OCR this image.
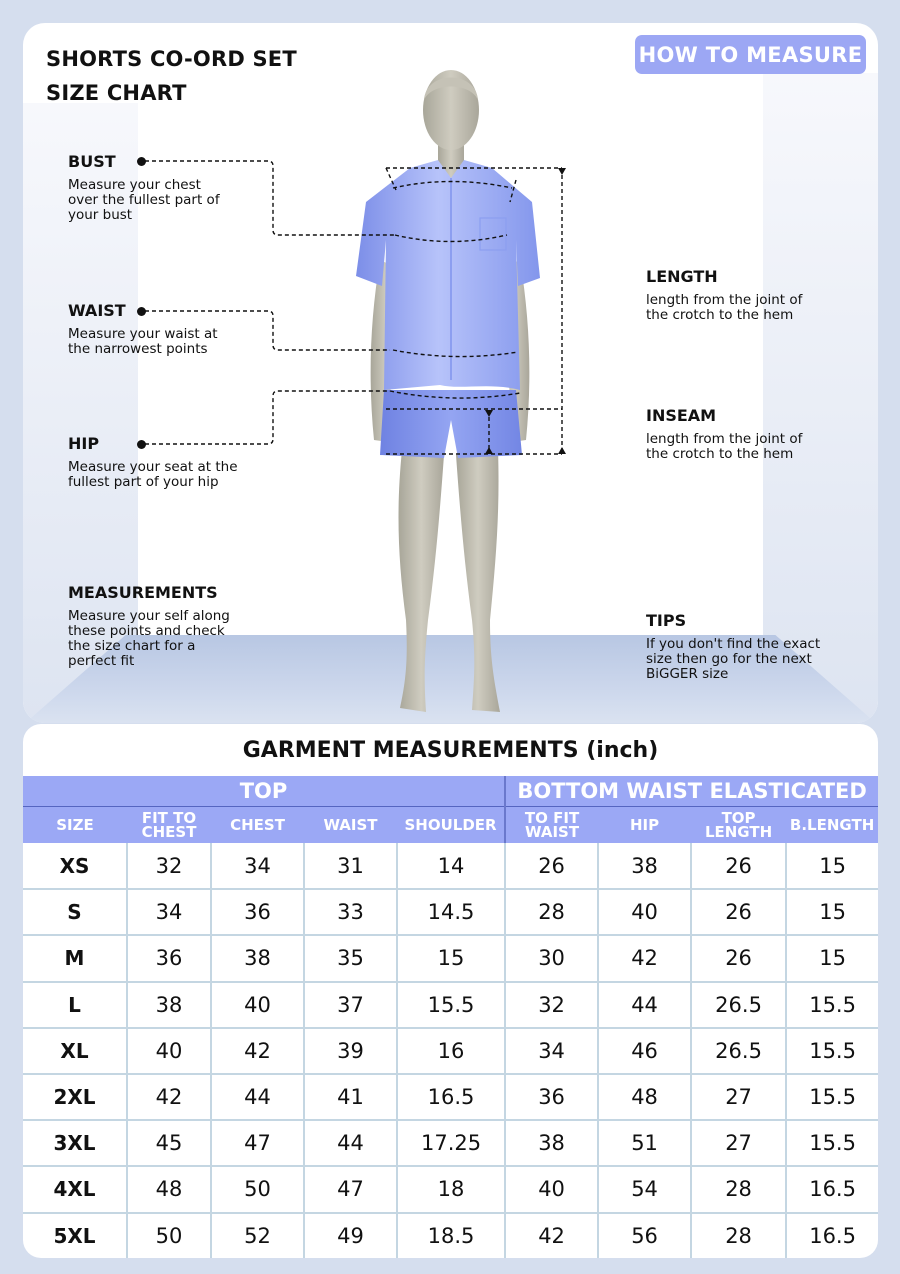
SHORTS CO-ORD SET
SIZE CHART
HOW TO MEASURE
BUST
Measure your chest over the fullest part of your bust
WAIST
Measure your waist at the narrowest points
HIP
Measure your seat at the fullest part of your hip
MEASUREMENTS
Measure your self along these points and check the size chart for a perfect fit
LENGTH
length from the joint of the crotch to the hem
INSEAM
length from the joint of the crotch to the hem
TIPS
If you don't find the exact size then go for the next BiGGER size
GARMENT MEASUREMENTS (inch)
TOP					BOTTOM WAIST ELASTICATED			
SIZE	FIT TO CHEST	CHEST	WAIST	SHOULDER	TO FIT WAIST	HIP	TOP LENGTH	B.LENGTH
XS	32	34	31	14	26	38	26	15
S	34	36	33	14.5	28	40	26	15
M	36	38	35	15	30	42	26	15
L	38	40	37	15.5	32	44	26.5	15.5
XL	40	42	39	16	34	46	26.5	15.5
2XL	42	44	41	16.5	36	48	27	15.5
3XL	45	47	44	17.25	38	51	27	15.5
4XL	48	50	47	18	40	54	28	16.5
5XL	50	52	49	18.5	42	56	28	16.5
